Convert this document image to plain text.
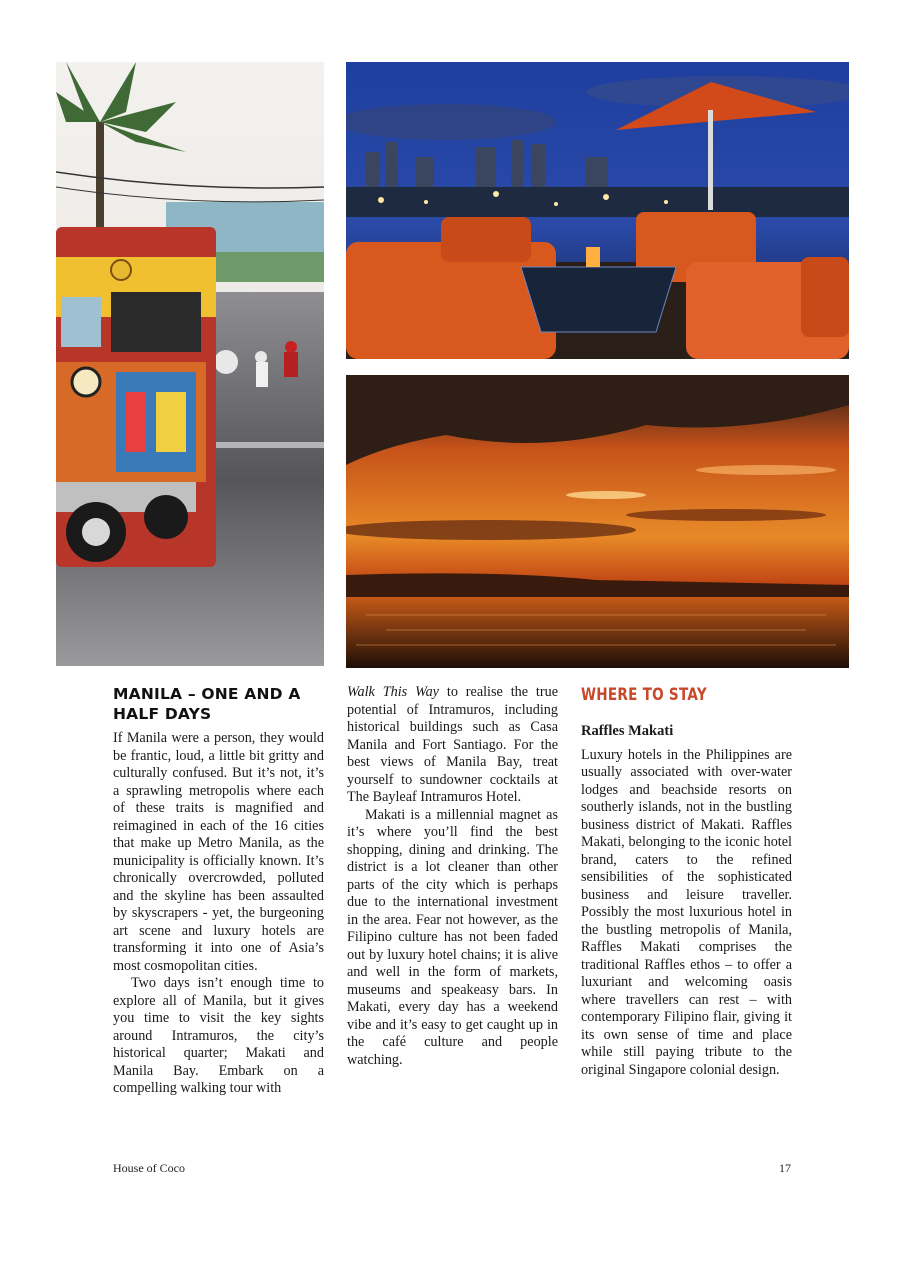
MANILA – ONE AND A HALF DAYS

If Manila were a person, they would be frantic, loud, a little bit gritty and culturally confused. But it’s not, it’s a sprawling metropolis where each of these traits is magnified and reimagined in each of the 16 cities that make up Metro Manila, as the municipality is officially known. It’s chronically overcrowded, polluted and the skyline has been assaulted by skyscrapers - yet, the burgeoning art scene and luxury hotels are transforming it into one of Asia’s most cosmopolitan cities.

Two days isn’t enough time to explore all of Manila, but it gives you time to visit the key sights around Intramuros, the city’s historical quarter; Makati and Manila Bay. Embark on a compelling walking tour with

Walk This Way to realise the true potential of Intramuros, including historical buildings such as Casa Manila and Fort Santiago. For the best views of Manila Bay, treat yourself to sundowner cocktails at The Bayleaf Intramuros Hotel.

Makati is a millennial magnet as it’s where you’ll find the best shopping, dining and drinking. The district is a lot cleaner than other parts of the city which is perhaps due to the international investment in the area. Fear not however, as the Filipino culture has not been faded out by luxury hotel chains; it is alive and well in the form of markets, museums and speakeasy bars. In Makati, every day has a weekend vibe and it’s easy to get caught up in the café culture and people watching.

WHERE TO STAY
Raffles Makati

Luxury hotels in the Philippines are usually associated with over-water lodges and beachside resorts on southerly islands, not in the bustling business district of Makati. Raffles Makati, belonging to the iconic hotel brand, caters to the refined sensibilities of the sophisticated business and leisure traveller. Possibly the most luxurious hotel in the bustling metropolis of Manila, Raffles Makati comprises the traditional Raffles ethos – to offer a luxuriant and welcoming oasis where travellers can rest – with contemporary Filipino flair, giving it its own sense of time and place while still paying tribute to the original Singapore colonial design.

House of Coco	17
